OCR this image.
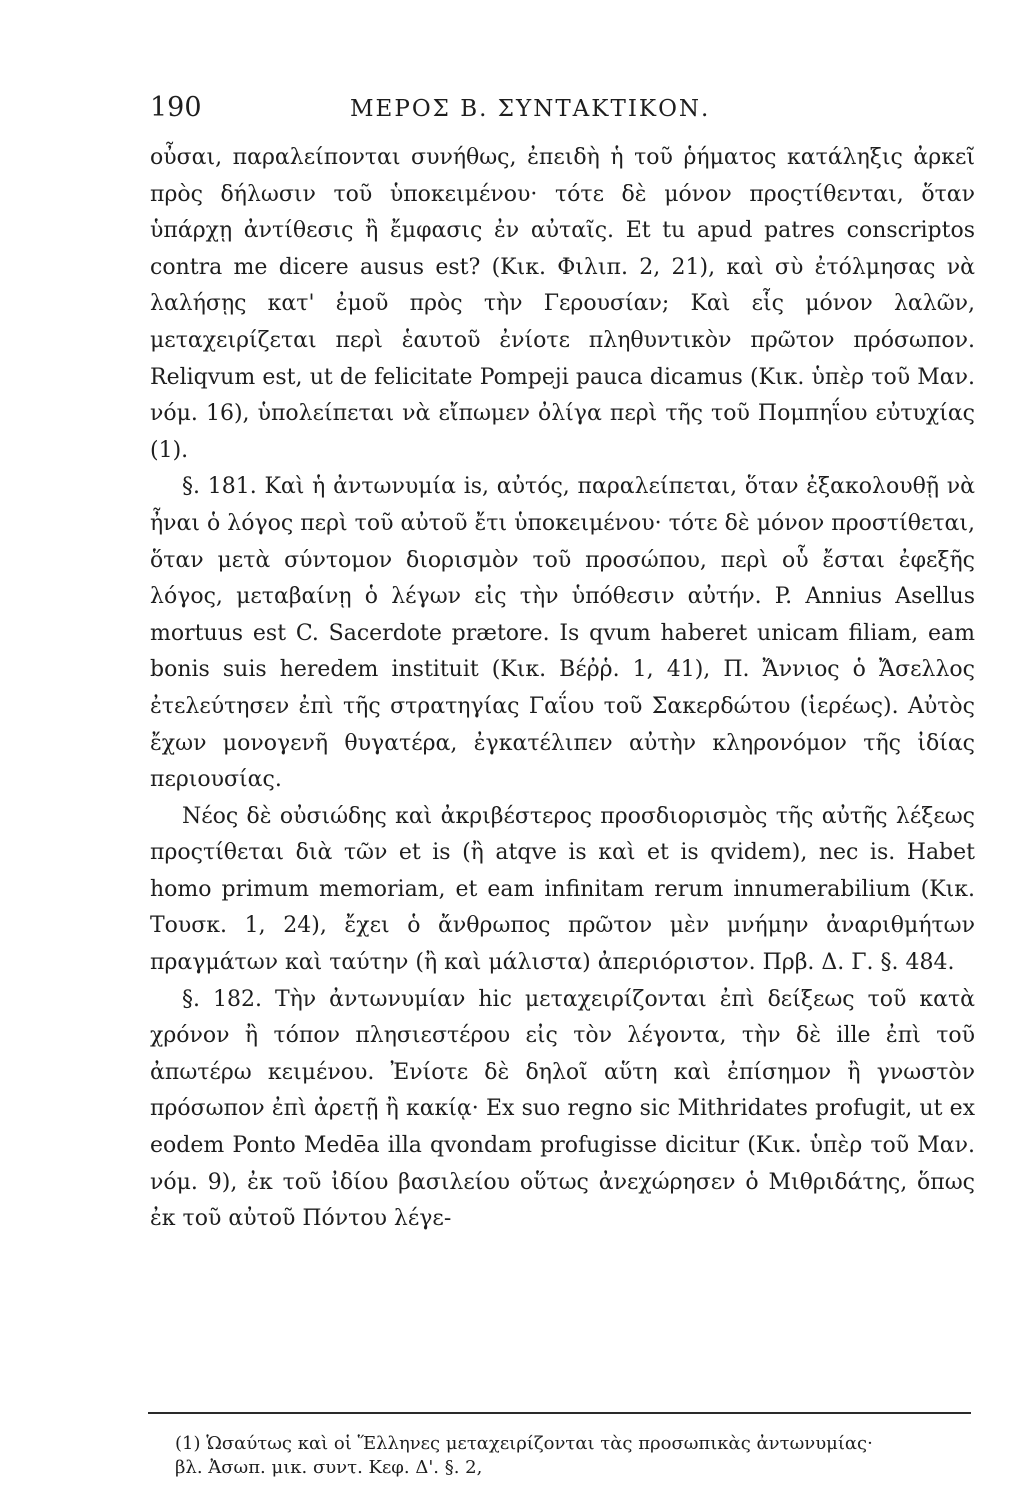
190	ΜΕΡΟΣ Β. ΣΥΝΤΑΚΤΙΚΟΝ.

οὖσαι, παραλείπονται συνήθως, ἐπειδὴ ἡ τοῦ ῥήματος κατάληξις ἀρκεῖ πρὸς δήλωσιν τοῦ ὑποκειμένου· τότε δὲ μόνον προςτίθενται, ὅταν ὑπάρχῃ ἀντίθεσις ἢ ἔμφασις ἐν αὐταῖς. Et tu apud patres conscriptos contra me dicere ausus est? (Κικ. Φιλιπ. 2, 21), καὶ σὺ ἐτόλμησας νὰ λαλήσῃς κατ' ἐμοῦ πρὸς τὴν Γερουσίαν; Καὶ εἷς μόνον λαλῶν, μεταχειρίζεται περὶ ἑαυτοῦ ἐνίοτε πληθυντικὸν πρῶτον πρόσωπον. Reliqvum est, ut de felicitate Pompeji pauca dicamus (Κικ. ὑπὲρ τοῦ Μαν. νόμ. 16), ὑπολείπεται νὰ εἴπωμεν ὀλίγα περὶ τῆς τοῦ Πομπηΐου εὐτυχίας (1).

§. 181. Καὶ ἡ ἀντωνυμία is, αὐτός, παραλείπεται, ὅταν ἐξακολουθῇ νὰ ἦναι ὁ λόγος περὶ τοῦ αὐτοῦ ἔτι ὑποκειμένου· τότε δὲ μόνον προστίθεται, ὅταν μετὰ σύντομον διορισμὸν τοῦ προσώπου, περὶ οὗ ἔσται ἐφεξῆς λόγος, μεταβαίνῃ ὁ λέγων εἰς τὴν ὑπόθεσιν αὐτήν. P. Annius Asellus mortuus est C. Sacerdote prætore. Is qvum haberet unicam filiam, eam bonis suis heredem instituit (Κικ. Βέῤῥ. 1, 41), Π. Ἄννιος ὁ Ἄσελλος ἐτελεύτησεν ἐπὶ τῆς στρατηγίας Γαΐου τοῦ Σακερδώτου (ἱερέως). Αὐτὸς ἔχων μονογενῆ θυγατέρα, ἐγκατέλιπεν αὐτὴν κληρονόμον τῆς ἰδίας περιουσίας.

Νέος δὲ οὐσιώδης καὶ ἀκριβέστερος προσδιορισμὸς τῆς αὐτῆς λέξεως προςτίθεται διὰ τῶν et is (ἢ atqve is καὶ et is qvidem), nec is. Habet homo primum memoriam, et eam infinitam rerum innumerabilium (Κικ. Τουσκ. 1, 24), ἔχει ὁ ἄνθρωπος πρῶτον μὲν μνήμην ἀναριθμήτων πραγμάτων καὶ ταύτην (ἢ καὶ μάλιστα) ἀπεριόριστον. Πρβ. Δ. Γ. §. 484.

§. 182. Τὴν ἀντωνυμίαν hic μεταχειρίζονται ἐπὶ δείξεως τοῦ κατὰ χρόνον ἢ τόπον πλησιεστέρου εἰς τὸν λέγοντα, τὴν δὲ ille ἐπὶ τοῦ ἀπωτέρω κειμένου. Ἐνίοτε δὲ δηλοῖ αὕτη καὶ ἐπίσημον ἢ γνωστὸν πρόσωπον ἐπὶ ἀρετῇ ἢ κακίᾳ· Ex suo regno sic Mithridates profugit, ut ex eodem Ponto Medēa illa qvondam profugisse dicitur (Κικ. ὑπὲρ τοῦ Μαν. νόμ. 9), ἐκ τοῦ ἰδίου βασιλείου οὕτως ἀνεχώρησεν ὁ Μιθριδάτης, ὅπως ἐκ τοῦ αὐτοῦ Πόντου λέγε-

(1) Ὡσαύτως καὶ οἱ Ἕλληνες μεταχειρίζονται τὰς προσωπικὰς ἀντωνυμίας·
βλ. Ἀσωπ. μικ. συντ. Κεφ. Δ'. §. 2,
